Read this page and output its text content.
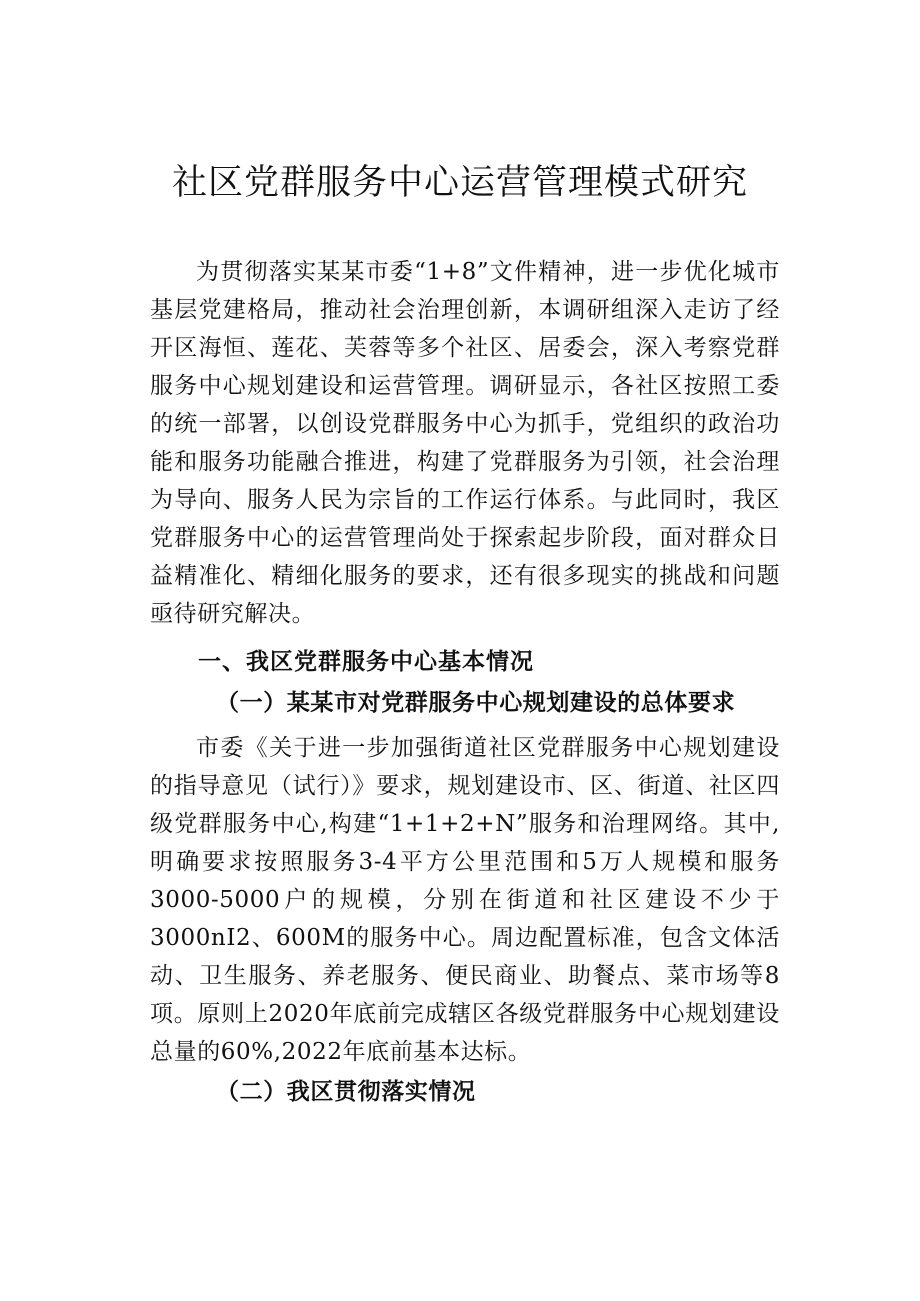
社区党群服务中心运营管理模式研究

为贯彻落实某某市委“1+8”文件精神，进一步优化城市基层党建格局，推动社会治理创新，本调研组深入走访了经开区海恒、莲花、芙蓉等多个社区、居委会，深入考察党群服务中心规划建设和运营管理。调研显示，各社区按照工委的统一部署，以创设党群服务中心为抓手，党组织的政治功能和服务功能融合推进，构建了党群服务为引领，社会治理为导向、服务人民为宗旨的工作运行体系。与此同时，我区党群服务中心的运营管理尚处于探索起步阶段，面对群众日益精准化、精细化服务的要求，还有很多现实的挑战和问题亟待研究解决。

一、我区党群服务中心基本情况
（一）某某市对党群服务中心规划建设的总体要求

市委《关于进一步加强街道社区党群服务中心规划建设的指导意见（试行）》要求，规划建设市、区、街道、社区四级党群服务中心,构建“1+1+2+N”服务和治理网络。其中,明确要求按照服务3-4平方公里范围和5万人规模和服务3000-5000户的规模，分别在街道和社区建设不少于3000nI2、600M的服务中心。周边配置标准，包含文体活动、卫生服务、养老服务、便民商业、助餐点、菜市场等8项。原则上2020年底前完成辖区各级党群服务中心规划建设总量的60%,2022年底前基本达标。

（二）我区贯彻落实情况
